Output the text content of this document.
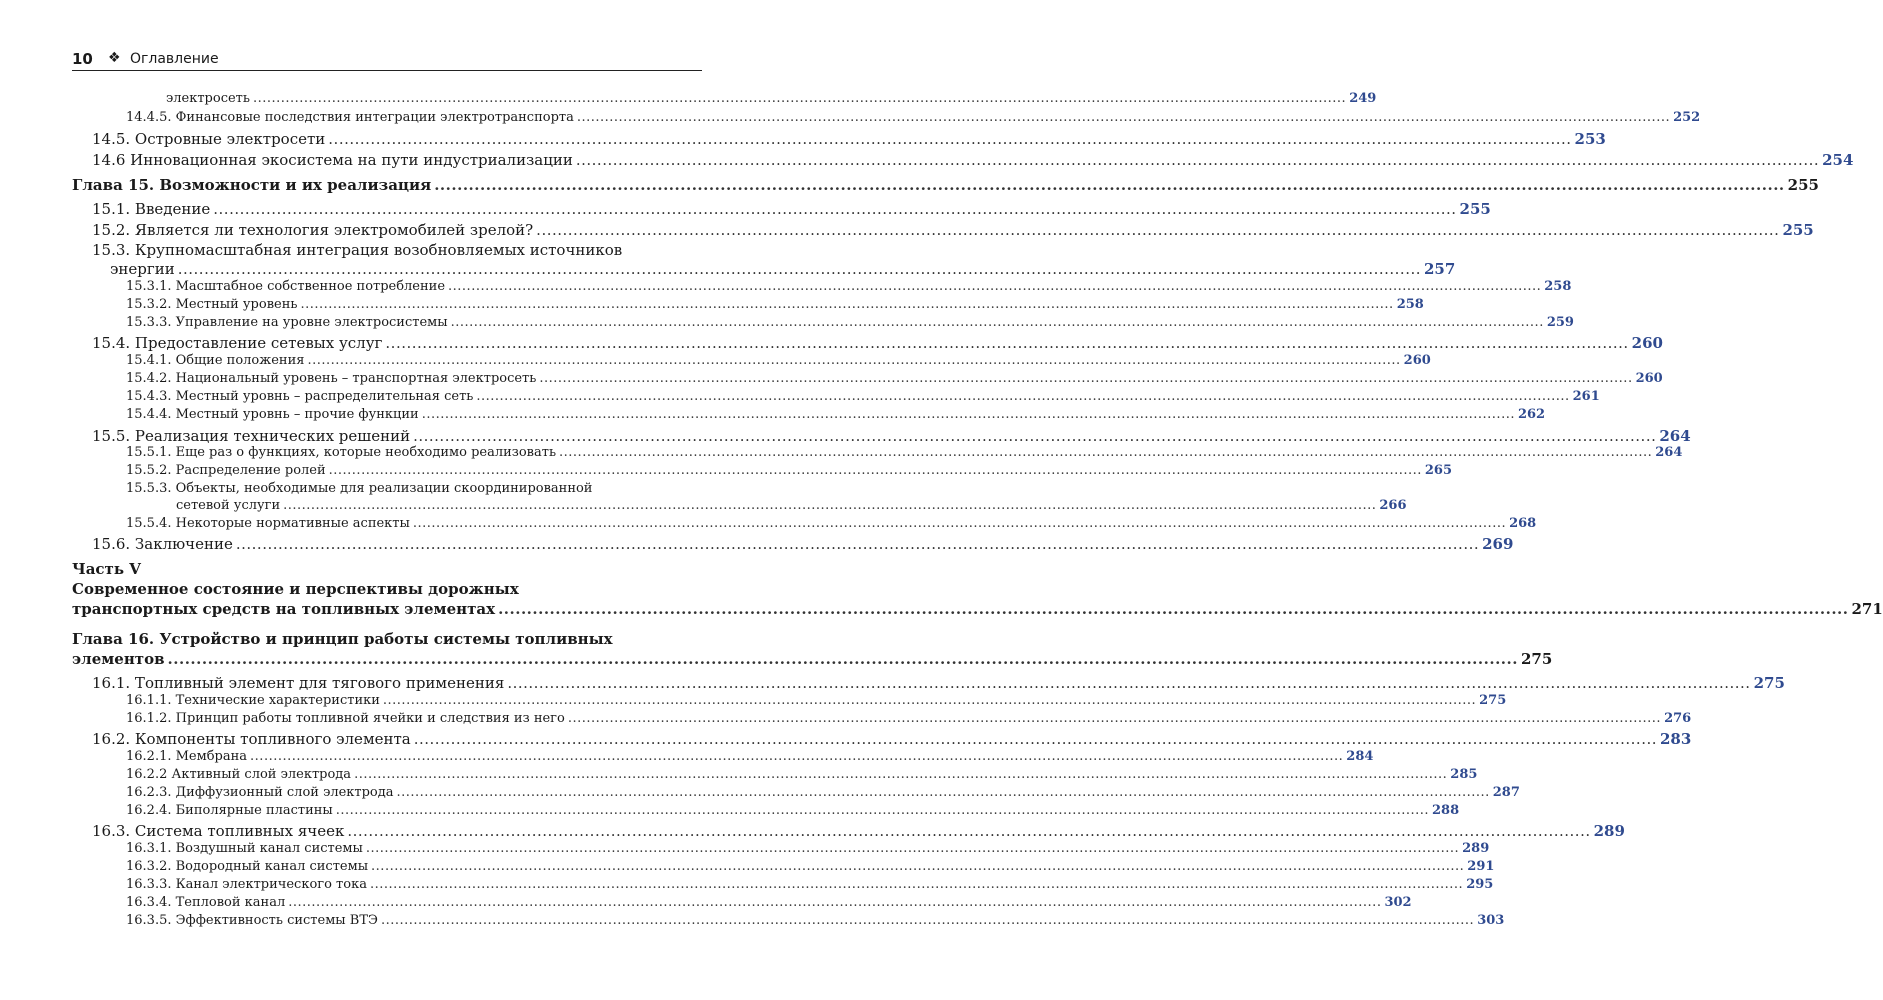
10 ❖ Оглавление
электросеть .....	249
14.4.5. Финансовые последствия интеграции электротранспорта .....	252
14.5. Островные электросети .....	253
14.6 Инновационная экосистема на пути индустриализации .....	254
Глава 15. Возможности и их реализация .....	255
15.1. Введение .....	255
15.2. Является ли технология электромобилей зрелой? .....	255
15.3. Крупномасштабная интеграция возобновляемых источников
энергии .....	257
15.3.1. Масштабное собственное потребление .....	258
15.3.2. Местный уровень .....	258
15.3.3. Управление на уровне электросистемы .....	259
15.4. Предоставление сетевых услуг .....	260
15.4.1. Общие положения .....	260
15.4.2. Национальный уровень – транспортная электросеть .....	260
15.4.3. Местный уровнь – распределительная сеть .....	261
15.4.4. Местный уровнь – прочие функции .....	262
15.5. Реализация технических решений .....	264
15.5.1. Еще раз о функциях, которые необходимо реализовать .....	264
15.5.2. Распределение ролей .....	265
15.5.3. Объекты, необходимые для реализации скоординированной
сетевой услуги .....	266
15.5.4. Некоторые нормативные аспекты .....	268
15.6. Заключение .....	269
Часть V
Современное состояние и перспективы дорожных
транспортных средств на топливных элементах .....	271
Глава 16. Устройство и принцип работы системы топливных
элементов .....	275
16.1. Топливный элемент для тягового применения .....	275
16.1.1. Технические характеристики .....	275
16.1.2. Принцип работы топливной ячейки и следствия из него .....	276
16.2. Компоненты топливного элемента .....	283
16.2.1. Мембрана .....	284
16.2.2 Активный слой электрода .....	285
16.2.3. Диффузионный слой электрода .....	287
16.2.4. Биполярные пластины .....	288
16.3. Система топливных ячеек .....	289
16.3.1. Воздушный канал системы .....	289
16.3.2. Водородный канал системы .....	291
16.3.3. Канал электрического тока .....	295
16.3.4. Тепловой канал .....	302
16.3.5. Эффективность системы ВТЭ .....	303
